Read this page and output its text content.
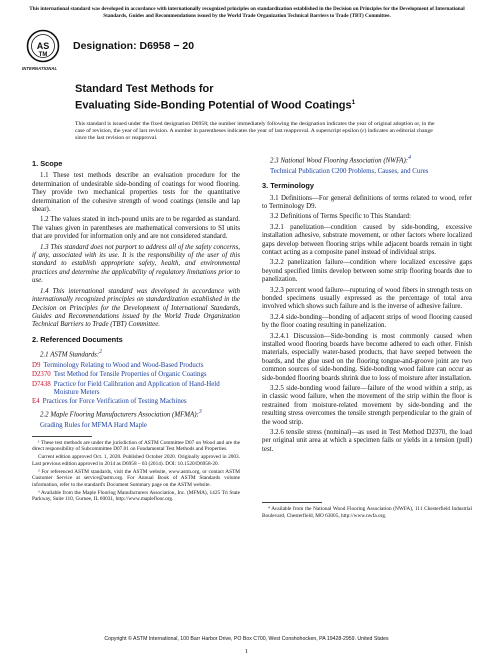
This international standard was developed in accordance with internationally recognized principles on standardization established in the Decision on Principles for the Development of International Standards, Guides and Recommendations issued by the World Trade Organization Technical Barriers to Trade (TBT) Committee.
AS
TM
INTERNATIONAL
Designation: D6958 − 20
Standard Test Methods for
Evaluating Side-Bonding Potential of Wood Coatings$^1$
This standard is issued under the fixed designation D6958; the number immediately following the designation indicates the year of original adoption or, in the case of revision, the year of last revision. A number in parentheses indicates the year of last reapproval. A superscript epsilon (ε) indicates an editorial change since the last revision or reapproval.
1. Scope

1.1 These test methods describe an evaluation procedure for the determination of undesirable side-bonding of coatings for wood flooring. They provide two mechanical properties tests for the quantitative determination of the cohesive strength of wood coatings (tensile and lap shear).

1.2 The values stated in inch-pound units are to be regarded as standard. The values given in parentheses are mathematical conversions to SI units that are provided for information only and are not considered standard.

1.3 This standard does not purport to address all of the safety concerns, if any, associated with its use. It is the responsibility of the user of this standard to establish appropriate safety, health, and environmental practices and determine the applicability of regulatory limitations prior to use.

1.4 This international standard was developed in accordance with internationally recognized principles on standardization established in the Decision on Principles for the Development of International Standards, Guides and Recommendations issued by the World Trade Organization Technical Barriers to Trade (TBT) Committee.

2. Referenced Documents

2.1 ASTM Standards:$^2$

D9 Terminology Relating to Wood and Wood-Based Products
D2370 Test Method for Tensile Properties of Organic Coatings
D7438 Practice for Field Calibration and Application of Hand-Held Moisture Meters
E4 Practices for Force Verification of Testing Machines

2.2 Maple Flooring Manufacturers Association (MFMA):$^3$

Grading Rules for MFMA Hard Maple

¹ These test methods are under the jurisdiction of ASTM Committee D07 on Wood and are the direct responsibility of Subcommittee D07.01 on Fundamental Test Methods and Properties.

Current edition approved Oct. 1, 2020. Published October 2020. Originally approved in 2003. Last previous edition approved in 2014 as D6958 – 03 (2014). DOI: 10.1520/D6958-20.

² For referenced ASTM standards, visit the ASTM website, www.astm.org, or contact ASTM Customer Service at service@astm.org. For Annual Book of ASTM Standards volume information, refer to the standard's Document Summary page on the ASTM website.

³ Available from the Maple Flooring Manufacturers Association, Inc. (MFMA), 1425 Tri State Parkway, Suite 110, Gurnee, IL 60031, http://www.maplefloor.org.

2.3 National Wood Flooring Association (NWFA):$^4$

Technical Publication C200 Problems, Causes, and Cures
3. Terminology

3.1 Definitions—For general definitions of terms related to wood, refer to Terminology D9.

3.2 Definitions of Terms Specific to This Standard:

3.2.1 panelization—condition caused by side-bonding, excessive installation adhesive, substrate movement, or other factors where localized gaps develop between flooring strips while adjacent boards remain in tight contact acting as a composite panel instead of individual strips.

3.2.2 panelization failure—condition where localized excessive gaps beyond specified limits develop between some strip flooring boards due to panelization.

3.2.3 percent wood failure—rupturing of wood fibers in strength tests on bonded specimens usually expressed as the percentage of total area involved which shows such failure and is the inverse of adhesive failure.

3.2.4 side-bonding—bonding of adjacent strips of wood flooring caused by the floor coating resulting in panelization.

3.2.4.1 Discussion—Side-bonding is most commonly caused when installed wood flooring boards have become adhered to each other. Finish materials, especially water-based products, that have seeped between the boards, and the glue used on the flooring tongue-and-groove joint are two common sources of side-bonding. Side-bonding wood failure can occur as side-bonded flooring boards shrink due to loss of moisture after installation.

3.2.5 side-bonding wood failure—failure of the wood within a strip, as in classic wood failure, when the movement of the strip within the floor is restrained from moisture-related movement by side-bonding and the resulting stress overcomes the tensile strength perpendicular to the grain of the wood strip.

3.2.6 tensile stress (nominal)—as used in Test Method D2370, the load per original unit area at which a specimen fails or yields in a tension (pull) test.

⁴ Available from the National Wood Flooring Association (NWFA), 111 Chesterfield Industrial Boulevard, Chesterfield, MO 63005, http://www.nwfa.org.

Copyright © ASTM International, 100 Barr Harbor Drive, PO Box C700, West Conshohocken, PA 19428-2959. United States
1
